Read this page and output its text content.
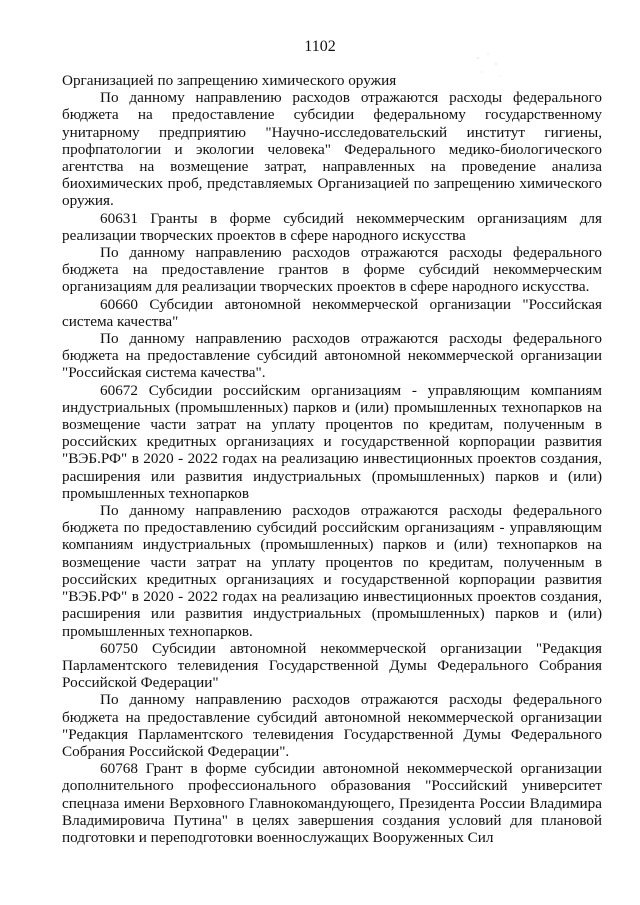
1102

Организацией по запрещению химического оружия

По данному направлению расходов отражаются расходы федерального бюджета на предоставление субсидии федеральному государственному унитарному предприятию "Научно-исследовательский институт гигиены, профпатологии и экологии человека" Федерального медико-биологического агентства на возмещение затрат, направленных на проведение анализа биохимических проб, представляемых Организацией по запрещению химического оружия.

60631 Гранты в форме субсидий некоммерческим организациям для реализации творческих проектов в сфере народного искусства

По данному направлению расходов отражаются расходы федерального бюджета на предоставление грантов в форме субсидий некоммерческим организациям для реализации творческих проектов в сфере народного искусства.

60660 Субсидии автономной некоммерческой организации "Российская система качества"

По данному направлению расходов отражаются расходы федерального бюджета на предоставление субсидий автономной некоммерческой организации "Российская система качества".

60672 Субсидии российским организациям - управляющим компаниям индустриальных (промышленных) парков и (или) промышленных технопарков на возмещение части затрат на уплату процентов по кредитам, полученным в российских кредитных организациях и государственной корпорации развития "ВЭБ.РФ" в 2020 - 2022 годах на реализацию инвестиционных проектов создания, расширения или развития индустриальных (промышленных) парков и (или) промышленных технопарков

По данному направлению расходов отражаются расходы федерального бюджета по предоставлению субсидий российским организациям - управляющим компаниям индустриальных (промышленных) парков и (или) технопарков на возмещение части затрат на уплату процентов по кредитам, полученным в российских кредитных организациях и государственной корпорации развития "ВЭБ.РФ" в 2020 - 2022 годах на реализацию инвестиционных проектов создания, расширения или развития индустриальных (промышленных) парков и (или) промышленных технопарков.

60750 Субсидии автономной некоммерческой организации "Редакция Парламентского телевидения Государственной Думы Федерального Собрания Российской Федерации"

По данному направлению расходов отражаются расходы федерального бюджета на предоставление субсидий автономной некоммерческой организации "Редакция Парламентского телевидения Государственной Думы Федерального Собрания Российской Федерации".

60768 Грант в форме субсидии автономной некоммерческой организации дополнительного профессионального образования "Российский университет спецназа имени Верховного Главнокомандующего, Президента России Владимира Владимировича Путина" в целях завершения создания условий для плановой подготовки и переподготовки военнослужащих Вооруженных Сил
